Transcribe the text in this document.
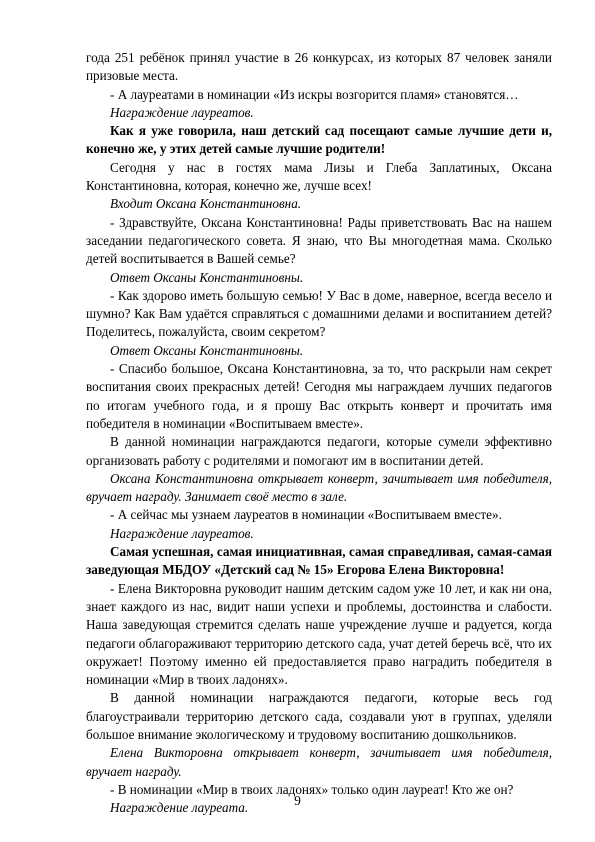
года 251 ребёнок принял участие в 26 конкурсах, из которых 87 человек заняли призовые места.

- А лауреатами в номинации «Из искры возгорится пламя» становятся…

Награждение лауреатов.

Как я уже говорила, наш детский сад посещают самые лучшие дети и, конечно же, у этих детей самые лучшие родители!

Сегодня у нас в гостях мама Лизы и Глеба Заплатиных, Оксана Константиновна, которая, конечно же, лучше всех!

Входит Оксана Константиновна.

- Здравствуйте, Оксана Константиновна! Рады приветствовать Вас на нашем заседании педагогического совета. Я знаю, что Вы многодетная мама. Сколько детей воспитывается в Вашей семье?

Ответ Оксаны Константиновны.

- Как здорово иметь большую семью! У Вас в доме, наверное, всегда весело и шумно? Как Вам удаётся справляться с домашними делами и воспитанием детей? Поделитесь, пожалуйста, своим секретом?

Ответ Оксаны Константиновны.

- Спасибо большое, Оксана Константиновна, за то, что раскрыли нам секрет воспитания своих прекрасных детей! Сегодня мы награждаем лучших педагогов по итогам учебного года, и я прошу Вас открыть конверт и прочитать имя победителя в номинации «Воспитываем вместе».

В данной номинации награждаются педагоги, которые сумели эффективно организовать работу с родителями и помогают им в воспитании детей.

Оксана Константиновна открывает конверт, зачитывает имя победителя, вручает награду. Занимает своё место в зале.

- А сейчас мы узнаем лауреатов в номинации «Воспитываем вместе».

Награждение лауреатов.

Самая успешная, самая инициативная, самая справедливая, самая-самая заведующая МБДОУ «Детский сад № 15» Егорова Елена Викторовна!

- Елена Викторовна руководит нашим детским садом уже 10 лет, и как ни она, знает каждого из нас, видит наши успехи и проблемы, достоинства и слабости. Наша заведующая стремится сделать наше учреждение лучше и радуется, когда педагоги облагораживают территорию детского сада, учат детей беречь всё, что их окружает! Поэтому именно ей предоставляется право наградить победителя в номинации «Мир в твоих ладонях».

В данной номинации награждаются педагоги, которые весь год благоустраивали территорию детского сада, создавали уют в группах, уделяли большое внимание экологическому и трудовому воспитанию дошкольников.

Елена Викторовна открывает конверт, зачитывает имя победителя, вручает награду.

- В номинации «Мир в твоих ладонях» только один лауреат! Кто же он?

Награждение лауреата.	9
